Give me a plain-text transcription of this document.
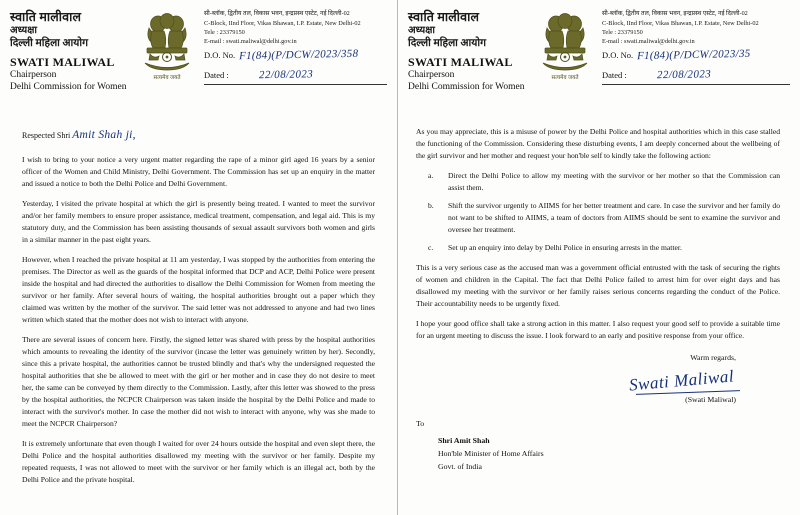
स्वाति मालीवाल
अध्यक्षा
दिल्ली महिला आयोग
SWATI MALIWAL
Chairperson
Delhi Commission for Women
सत्यमेव जयते
सी-ब्लॉक, द्वितीय तल, विकास भवन, इन्द्रप्रस्थ एस्टेट, नई दिल्ली-02
C-Block, IInd Floor, Vikas Bhawan, I.P. Estate, New Delhi-02
Tele : 23379150
E-mail : swati.maliwal@delhi.gov.in
D.O. No. F1(84)(P/DCW/2023/358
Dated :	22/08/2023

Respected Shri Amit Shah ji,

I wish to bring to your notice a very urgent matter regarding the rape of a minor girl aged 16 years by a senior officer of the Women and Child Ministry, Delhi Government. The Commission has set up an enquiry in the matter and issued a notice to both the Delhi Police and Delhi Government.

Yesterday, I visited the private hospital at which the girl is presently being treated. I wanted to meet the survivor and/or her family members to ensure proper assistance, medical treatment, compensation, and legal aid. This is my statutory duty, and the Commission has been assisting thousands of sexual assault survivors both women and girls in a similar manner in the past eight years.

However, when I reached the private hospital at 11 am yesterday, I was stopped by the authorities from entering the premises. The Director as well as the guards of the hospital informed that DCP and ACP, Delhi Police were present inside the hospital and had directed the authorities to disallow the Delhi Commission for Women from meeting the survivor or her family. After several hours of waiting, the hospital authorities brought out a paper which they claimed was written by the mother of the survivor. The said letter was not addressed to anyone and had two lines written which stated that the mother does not wish to interact with anyone.

There are several issues of concern here. Firstly, the signed letter was shared with press by the hospital authorities which amounts to revealing the identity of the survivor (incase the letter was genuinely written by her). Secondly, since this a private hospital, the authorities cannot be trusted blindly and that's why the undersigned requested the hospital authorities that she be allowed to meet with the girl or her mother and in case they do not desire to meet her, the same can be conveyed by them directly to the Commission. Lastly, after this letter was showed to the press by the hospital authorities, the NCPCR Chairperson was taken inside the hospital by the Delhi Police and made to interact with the survivor's mother. In case the mother did not wish to interact with anyone, why was she made to meet the NCPCR Chairperson?

It is extremely unfortunate that even though I waited for over 24 hours outside the hospital and even slept there, the Delhi Police and the hospital authorities disallowed my meeting with the survivor or her family. Despite my repeated requests, I was not allowed to meet with the survivor or her family which is an illegal act, both by the Delhi Police and the private hospital.

स्वाति मालीवाल
अध्यक्षा
दिल्ली महिला आयोग
SWATI MALIWAL
Chairperson
Delhi Commission for Women
सत्यमेव जयते
सी-ब्लॉक, द्वितीय तल, विकास भवन, इन्द्रप्रस्थ एस्टेट, नई दिल्ली-02
C-Block, IInd Floor, Vikas Bhawan, I.P. Estate, New Delhi-02
Tele : 23379150
E-mail : swati.maliwal@delhi.gov.in
D.O. No. F1(84)(P/DCW/2023/35
Dated :	22/08/2023

As you may appreciate, this is a misuse of power by the Delhi Police and hospital authorities which in this case stalled the functioning of the Commission. Considering these disturbing events, I am deeply concerned about the wellbeing of the girl survivor and her mother and request your hon'ble self to kindly take the following action:

a.	Direct the Delhi Police to allow my meeting with the survivor or her mother so that the Commission can assist them.
b.	Shift the survivor urgently to AIIMS for her better treatment and care. In case the survivor and her family do not want to be shifted to AIIMS, a team of doctors from AIIMS should be sent to examine the survivor and oversee her treatment.
c.	Set up an enquiry into delay by Delhi Police in ensuring arrests in the matter.

This is a very serious case as the accused man was a government official entrusted with the task of securing the rights of women and children in the Capital. The fact that Delhi Police failed to arrest him for over eight days and has disallowed my meeting with the survivor or her family raises serious concerns regarding the conduct of the Police. Their accountability needs to be urgently fixed.

I hope your good office shall take a strong action in this matter. I also request your good self to provide a suitable time for an urgent meeting to discuss the issue. I look forward to an early and positive response from your office.

Warm regards,
Swati Maliwal
(Swati Maliwal)
To
Shri Amit Shah
Hon'ble Minister of Home Affairs
Govt. of India
